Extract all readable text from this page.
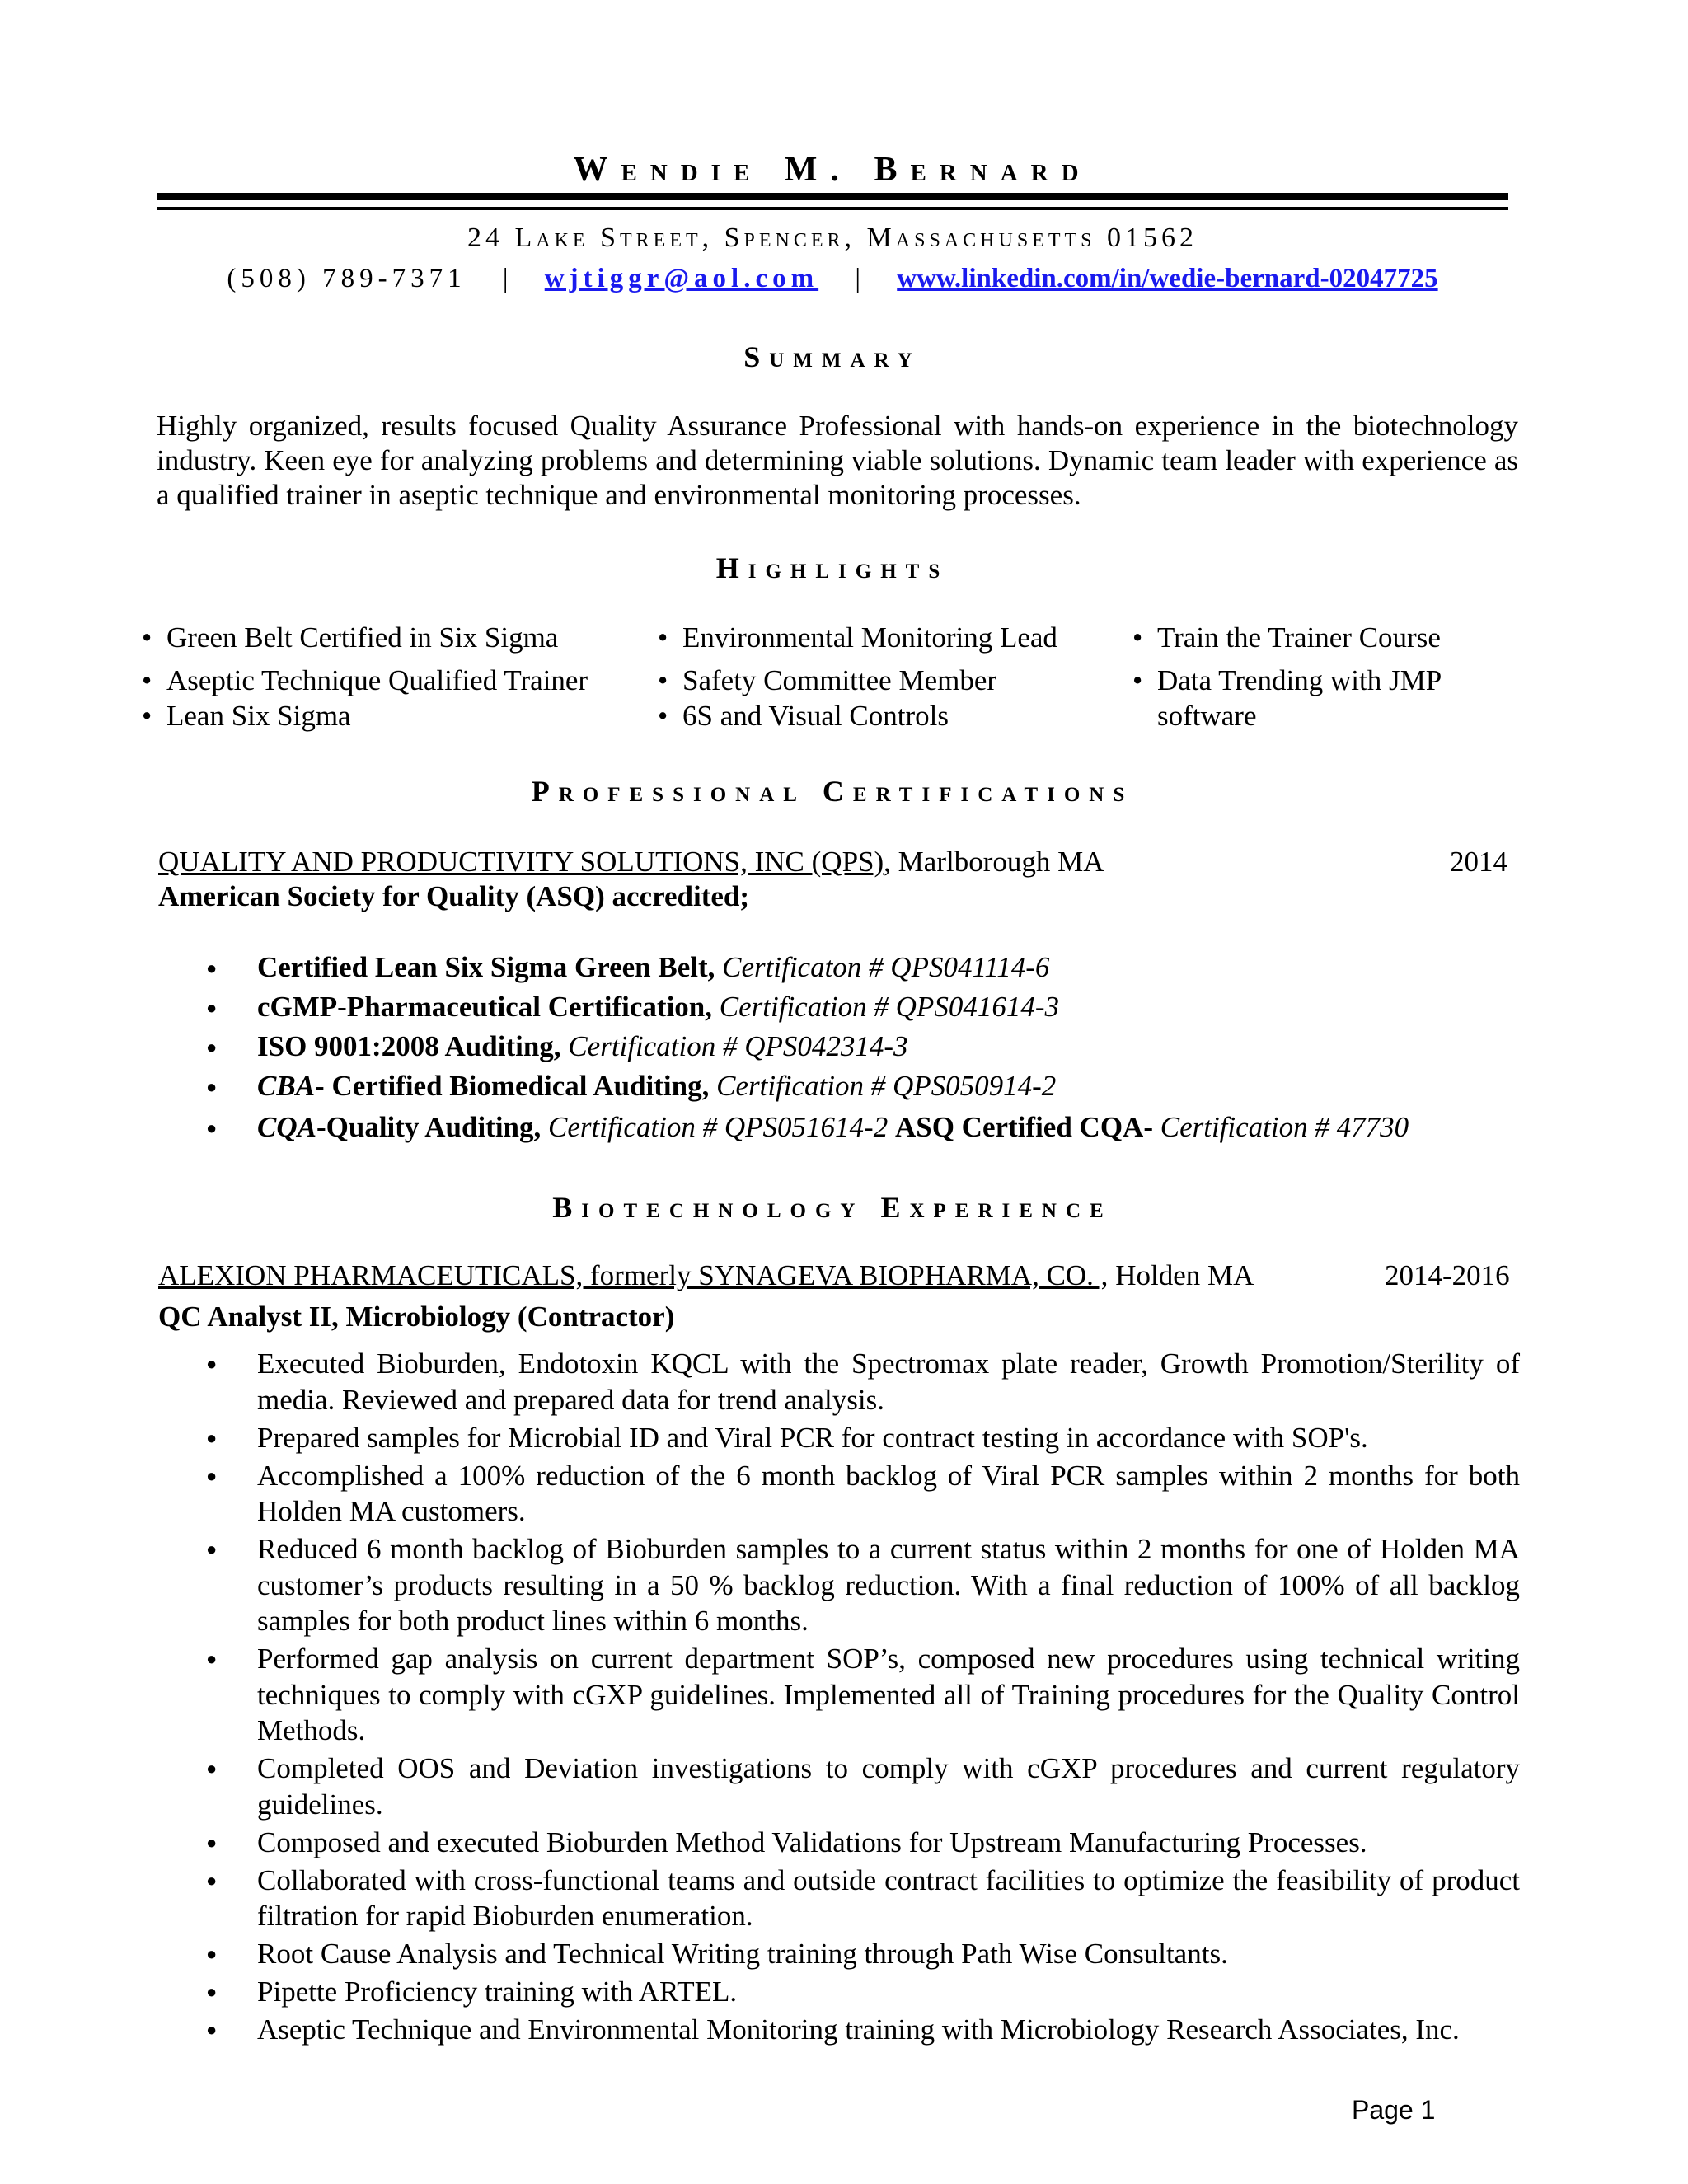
Wendie M. Bernard
24 Lake Street, Spencer, Massachusetts 01562
(508) 789-7371 | wjtiggr@aol.com | www.linkedin.com/in/wedie-bernard-02047725
Summary
Highly organized, results focused Quality Assurance Professional with hands-on experience in the biotechnology industry. Keen eye for analyzing problems and determining viable solutions. Dynamic team leader with experience as a qualified trainer in aseptic technique and environmental monitoring processes.
Highlights
• Green Belt Certified in Six Sigma
• Aseptic Technique Qualified Trainer
• Lean Six Sigma
• Environmental Monitoring Lead
• Safety Committee Member
• 6S and Visual Controls
• Train the Trainer Course
• Data Trending with JMP software
Professional Certifications
QUALITY AND PRODUCTIVITY SOLUTIONS, INC (QPS), Marlborough MA	2014
American Society for Quality (ASQ) accredited;
● Certified Lean Six Sigma Green Belt, Certificaton # QPS041114-6
● cGMP-Pharmaceutical Certification, Certification # QPS041614-3
● ISO 9001:2008 Auditing, Certification # QPS042314-3
● CBA- Certified Biomedical Auditing, Certification # QPS050914-2
● CQA-Quality Auditing, Certification # QPS051614-2 ASQ Certified CQA- Certification # 47730
Biotechnology Experience
ALEXION PHARMACEUTICALS, formerly SYNAGEVA BIOPHARMA, CO. , Holden MA	2014-2016
QC Analyst II, Microbiology (Contractor)
● Executed Bioburden, Endotoxin KQCL with the Spectromax plate reader, Growth Promotion/Sterility of media. Reviewed and prepared data for trend analysis.
● Prepared samples for Microbial ID and Viral PCR for contract testing in accordance with SOP's.
● Accomplished a 100% reduction of the 6 month backlog of Viral PCR samples within 2 months for both Holden MA customers.
● Reduced 6 month backlog of Bioburden samples to a current status within 2 months for one of Holden MA customer’s products resulting in a 50 % backlog reduction. With a final reduction of 100% of all backlog samples for both product lines within 6 months.
● Performed gap analysis on current department SOP’s, composed new procedures using technical writing techniques to comply with cGXP guidelines. Implemented all of Training procedures for the Quality Control Methods.
● Completed OOS and Deviation investigations to comply with cGXP procedures and current regulatory guidelines.
● Composed and executed Bioburden Method Validations for Upstream Manufacturing Processes.
● Collaborated with cross-functional teams and outside contract facilities to optimize the feasibility of product filtration for rapid Bioburden enumeration.
● Root Cause Analysis and Technical Writing training through Path Wise Consultants.
● Pipette Proficiency training with ARTEL.
● Aseptic Technique and Environmental Monitoring training with Microbiology Research Associates, Inc.
Page 1
